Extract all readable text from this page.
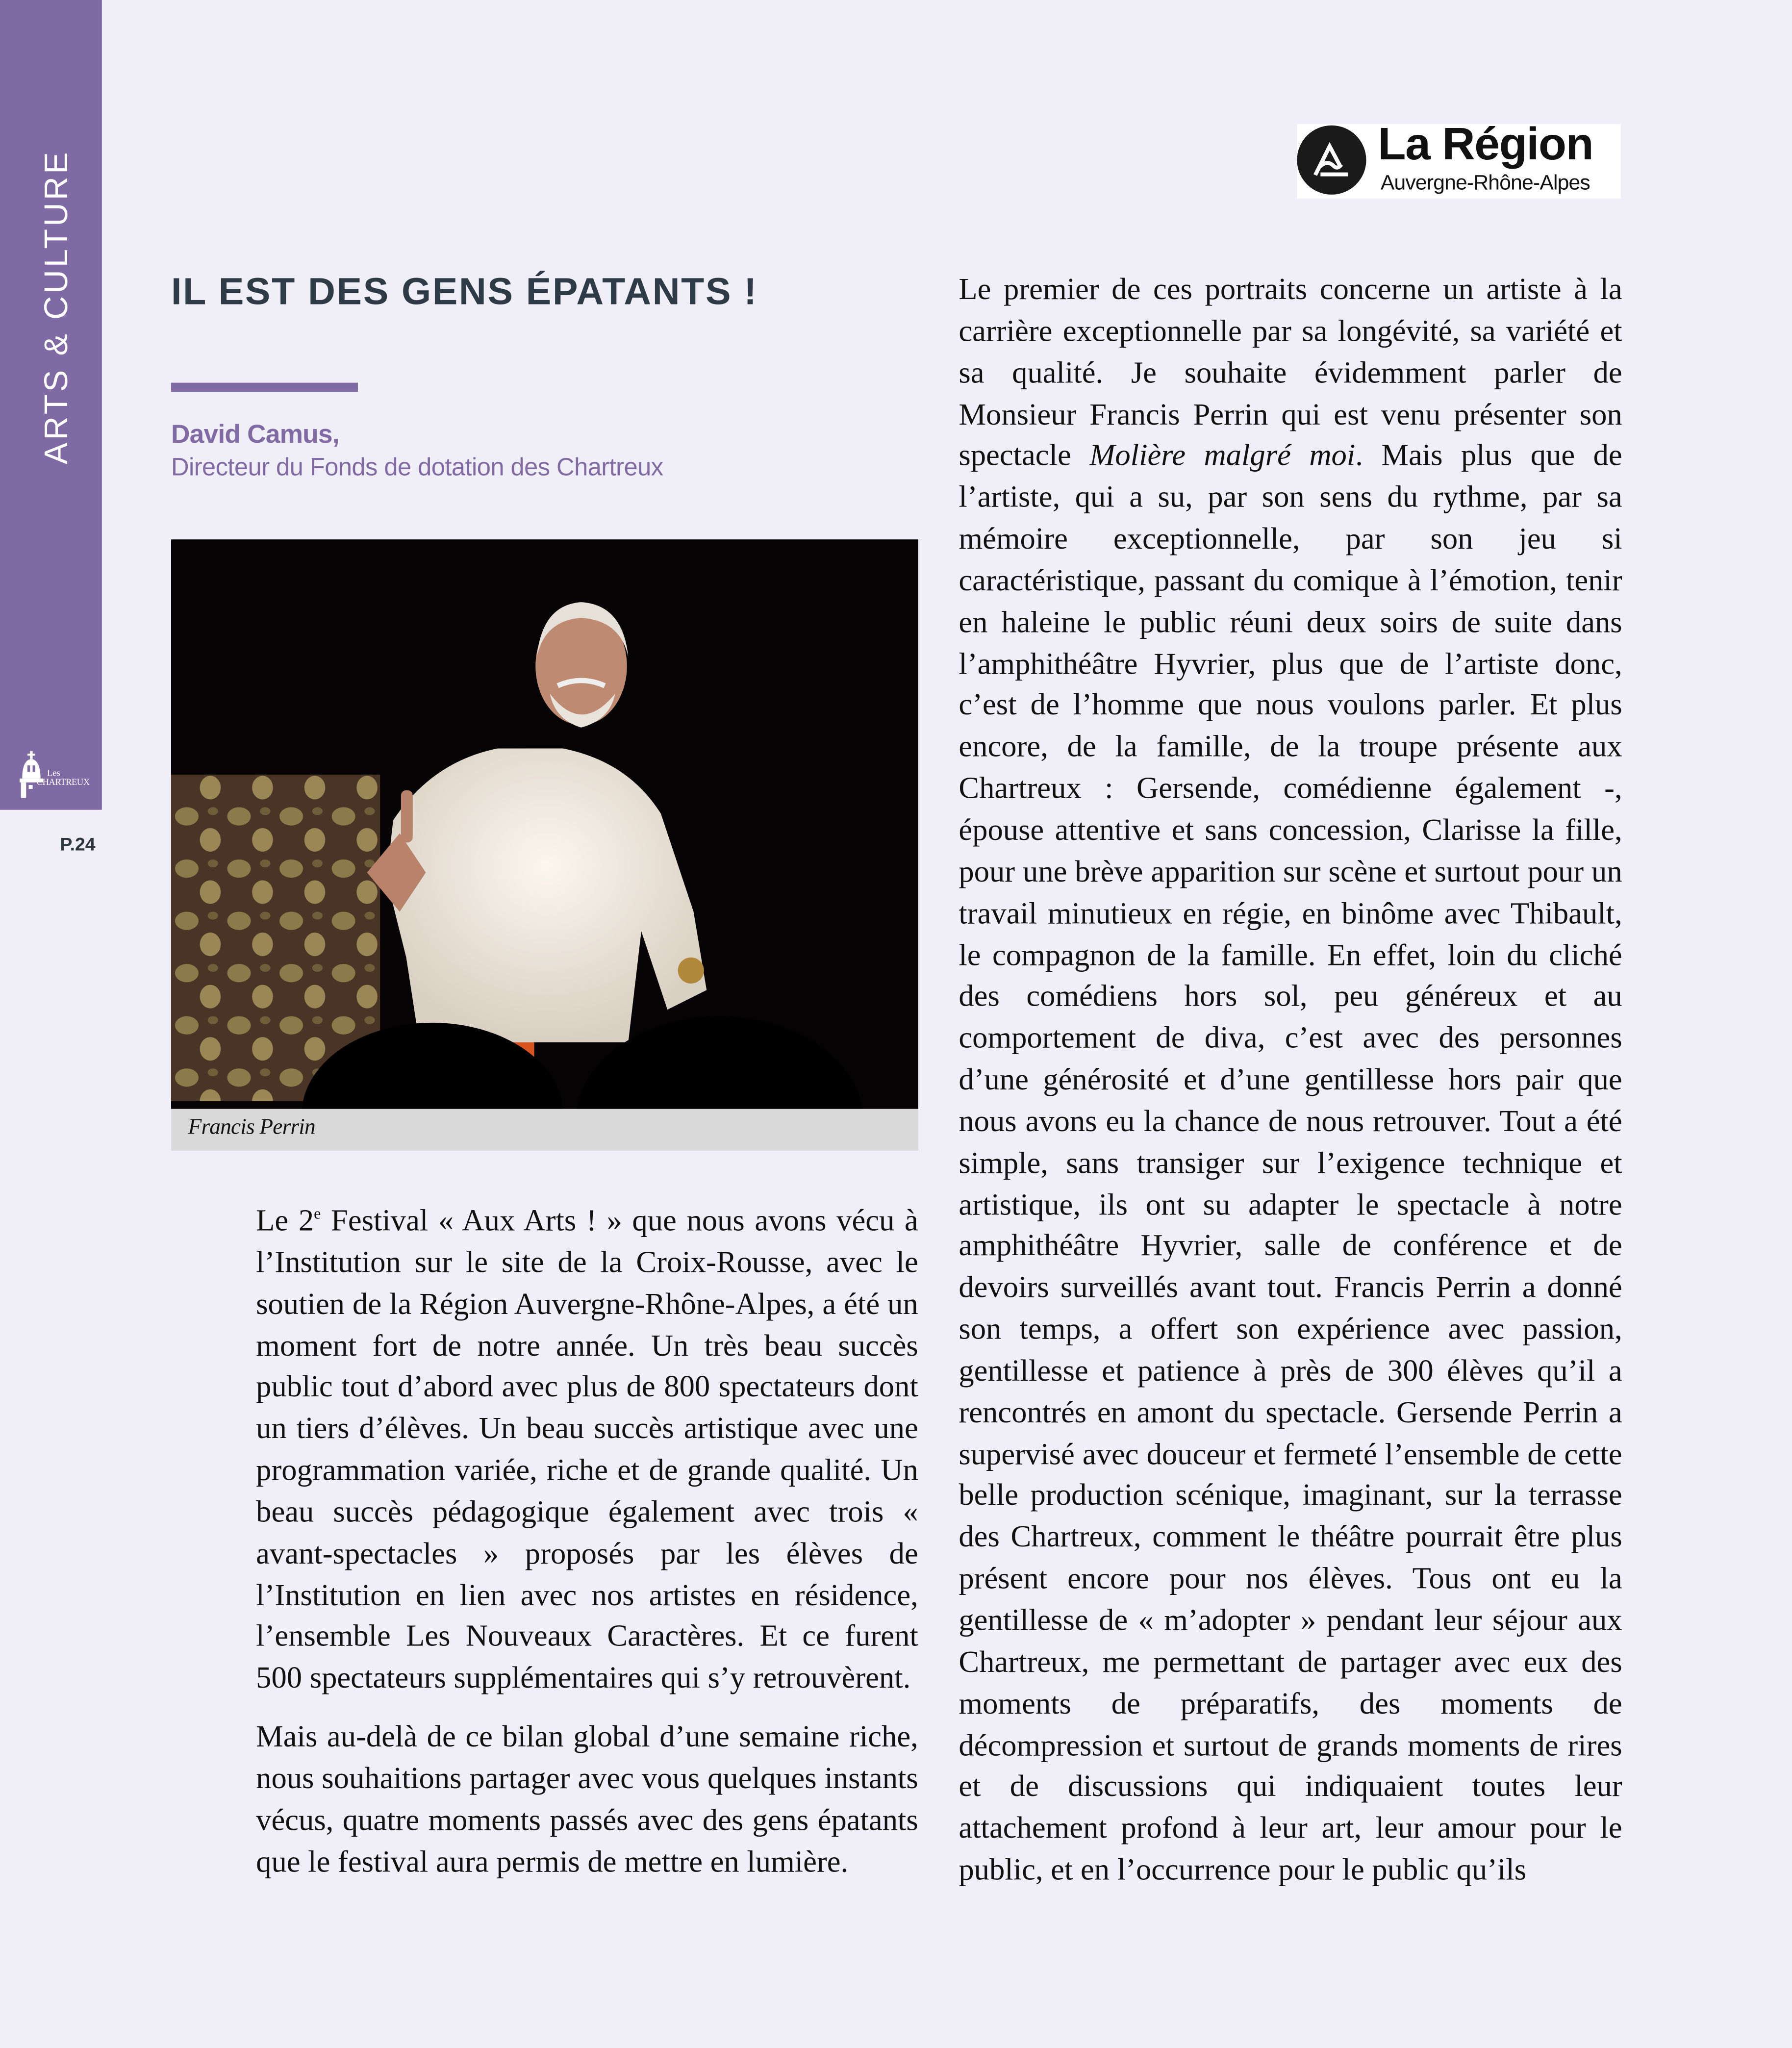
ARTS & CULTURE
Les
CHARTREUX
P.24
La Région
Auvergne-Rhône-Alpes
IL EST DES GENS ÉPATANTS !
David Camus,
Directeur du Fonds de dotation des Chartreux
Francis Perrin

Le 2e Festival « Aux Arts ! » que nous avons vécu à l’Institution sur le site de la Croix-Rousse, avec le soutien de la Région Auvergne-Rhône-Alpes, a été un moment fort de notre année. Un très beau succès public tout d’abord avec plus de 800 spectateurs dont un tiers d’élèves. Un beau succès artistique avec une programmation variée, riche et de grande qualité. Un beau succès pédagogique également avec trois « avant-spectacles » proposés par les élèves de l’Institution en lien avec nos artistes en résidence, l’ensemble Les Nouveaux Caractères. Et ce furent 500 spectateurs supplémentaires qui s’y retrouvèrent.

Mais au-delà de ce bilan global d’une semaine riche, nous souhaitions partager avec vous quelques instants vécus, quatre moments passés avec des gens épatants que le festival aura permis de mettre en lumière.

Le premier de ces portraits concerne un artiste à la carrière exceptionnelle par sa longévité, sa variété et sa qualité. Je souhaite évidemment parler de Monsieur Francis Perrin qui est venu présenter son spectacle Molière malgré moi. Mais plus que de l’artiste, qui a su, par son sens du rythme, par sa mémoire exceptionnelle, par son jeu si caractéristique, passant du comique à l’émotion, tenir en haleine le public réuni deux soirs de suite dans l’amphithéâtre Hyvrier, plus que de l’artiste donc, c’est de l’homme que nous voulons parler. Et plus encore, de la famille, de la troupe présente aux Chartreux : Gersende, comédienne également -, épouse attentive et sans concession, Clarisse la fille, pour une brève apparition sur scène et surtout pour un travail minutieux en régie, en binôme avec Thibault, le compagnon de la famille. En effet, loin du cliché des comédiens hors sol, peu généreux et au comportement de diva, c’est avec des personnes d’une générosité et d’une gentillesse hors pair que nous avons eu la chance de nous retrouver. Tout a été simple, sans transiger sur l’exigence technique et artistique, ils ont su adapter le spectacle à notre amphithéâtre Hyvrier, salle de conférence et de devoirs surveillés avant tout. Francis Perrin a donné son temps, a offert son expérience avec passion, gentillesse et patience à près de 300 élèves qu’il a rencontrés en amont du spectacle. Gersende Perrin a supervisé avec douceur et fermeté l’ensemble de cette belle production scénique, imaginant, sur la terrasse des Chartreux, comment le théâtre pourrait être plus présent encore pour nos élèves. Tous ont eu la gentillesse de « m’adopter » pendant leur séjour aux Chartreux, me permettant de partager avec eux des moments de préparatifs, des moments de décompression et surtout de grands moments de rires et de discussions qui indiquaient toutes leur attachement profond à leur art, leur amour pour le public, et en l’occurrence pour le public qu’ils
